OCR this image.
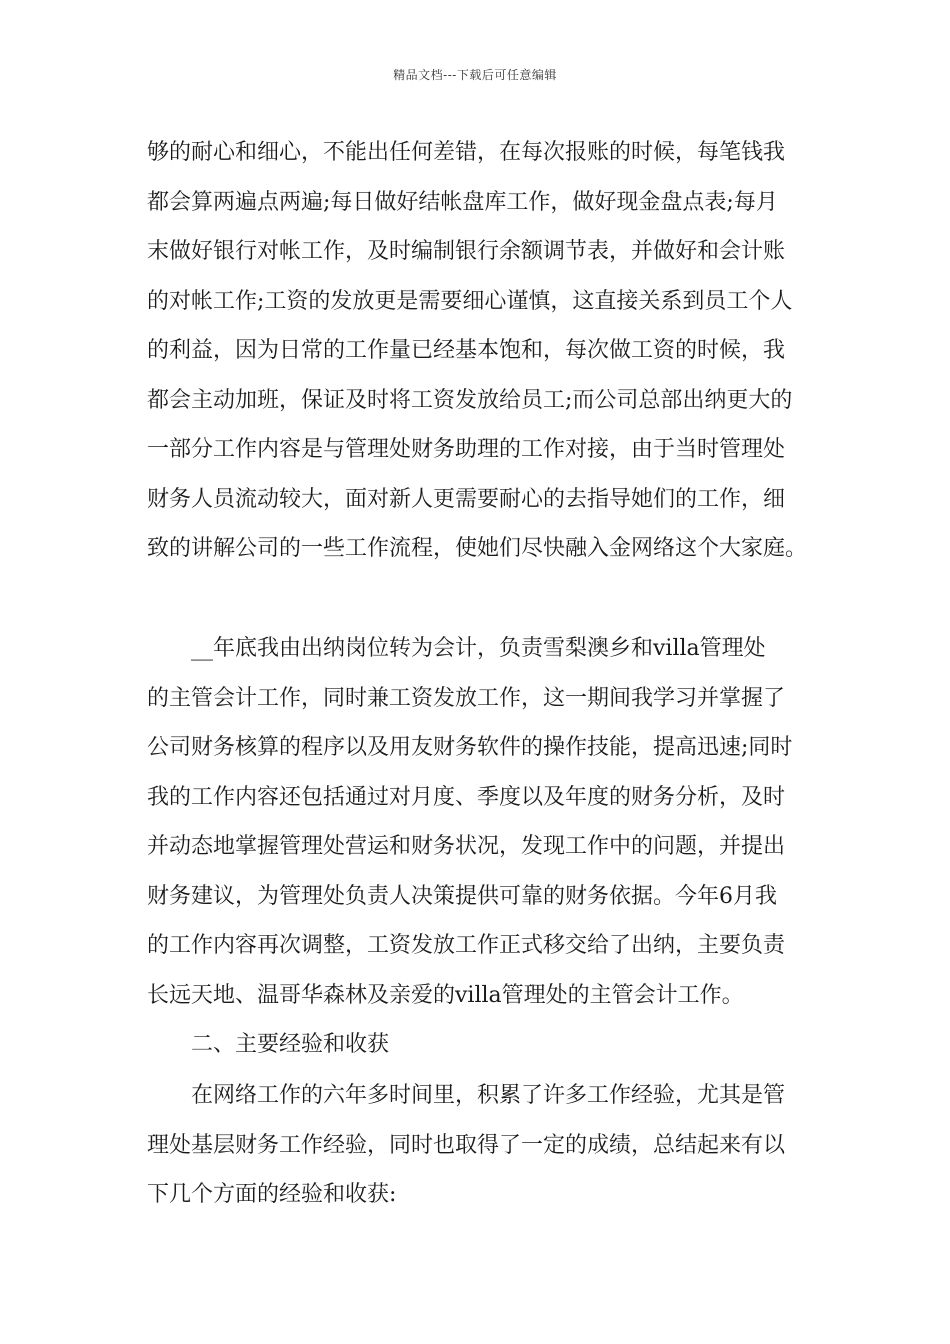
精品文档---下载后可任意编辑
够的耐心和细心，不能出任何差错，在每次报账的时候，每笔钱我
都会算两遍点两遍;每日做好结帐盘库工作，做好现金盘点表;每月
末做好银行对帐工作，及时编制银行余额调节表，并做好和会计账
的对帐工作;工资的发放更是需要细心谨慎，这直接关系到员工个人
的利益，因为日常的工作量已经基本饱和，每次做工资的时候，我
都会主动加班，保证及时将工资发放给员工;而公司总部出纳更大的
一部分工作内容是与管理处财务助理的工作对接，由于当时管理处
财务人员流动较大，面对新人更需要耐心的去指导她们的工作，细
致的讲解公司的一些工作流程，使她们尽快融入金网络这个大家庭。
__年底我由出纳岗位转为会计，负责雪梨澳乡和villa管理处
的主管会计工作，同时兼工资发放工作，这一期间我学习并掌握了
公司财务核算的程序以及用友财务软件的操作技能，提高迅速;同时
我的工作内容还包括通过对月度、季度以及年度的财务分析，及时
并动态地掌握管理处营运和财务状况，发现工作中的问题，并提出
财务建议，为管理处负责人决策提供可靠的财务依据。今年6月我
的工作内容再次调整，工资发放工作正式移交给了出纳，主要负责
长远天地、温哥华森林及亲爱的villa管理处的主管会计工作。
二、主要经验和收获
在网络工作的六年多时间里，积累了许多工作经验，尤其是管
理处基层财务工作经验，同时也取得了一定的成绩，总结起来有以
下几个方面的经验和收获:
